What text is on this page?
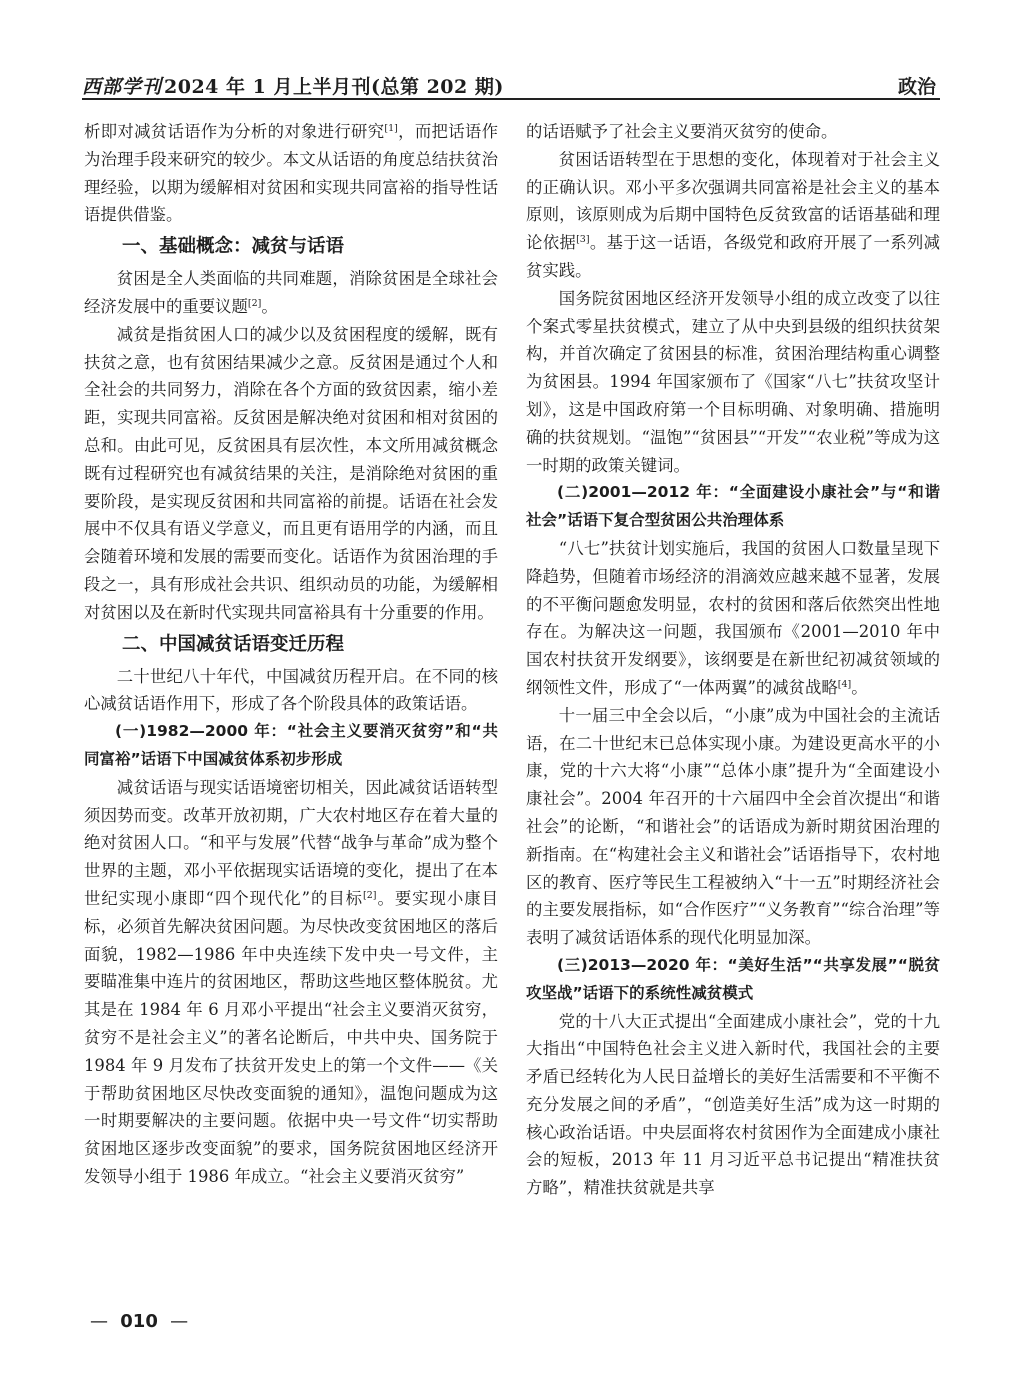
西部学刊 2024 年 1 月上半月刊(总第 202 期)	政治

析即对减贫话语作为分析的对象进行研究[1]，而把话语作为治理手段来研究的较少。本文从话语的角度总结扶贫治理经验，以期为缓解相对贫困和实现共同富裕的指导性话语提供借鉴。

一、基础概念：减贫与话语

贫困是全人类面临的共同难题，消除贫困是全球社会经济发展中的重要议题[2]。

减贫是指贫困人口的减少以及贫困程度的缓解，既有扶贫之意，也有贫困结果减少之意。反贫困是通过个人和全社会的共同努力，消除在各个方面的致贫因素，缩小差距，实现共同富裕。反贫困是解决绝对贫困和相对贫困的总和。由此可见，反贫困具有层次性，本文所用减贫概念既有过程研究也有减贫结果的关注，是消除绝对贫困的重要阶段，是实现反贫困和共同富裕的前提。话语在社会发展中不仅具有语义学意义，而且更有语用学的内涵，而且会随着环境和发展的需要而变化。话语作为贫困治理的手段之一，具有形成社会共识、组织动员的功能，为缓解相对贫困以及在新时代实现共同富裕具有十分重要的作用。

二、中国减贫话语变迁历程

二十世纪八十年代，中国减贫历程开启。在不同的核心减贫话语作用下，形成了各个阶段具体的政策话语。

(一)1982—2000 年：“社会主义要消灭贫穷”和“共同富裕”话语下中国减贫体系初步形成

减贫话语与现实话语境密切相关，因此减贫话语转型须因势而变。改革开放初期，广大农村地区存在着大量的绝对贫困人口。“和平与发展”代替“战争与革命”成为整个世界的主题，邓小平依据现实话语境的变化，提出了在本世纪实现小康即“四个现代化”的目标[2]。要实现小康目标，必须首先解决贫困问题。为尽快改变贫困地区的落后面貌，1982—1986 年中央连续下发中央一号文件，主要瞄准集中连片的贫困地区，帮助这些地区整体脱贫。尤其是在 1984 年 6 月邓小平提出“社会主义要消灭贫穷，贫穷不是社会主义”的著名论断后，中共中央、国务院于 1984 年 9 月发布了扶贫开发史上的第一个文件——《关于帮助贫困地区尽快改变面貌的通知》，温饱问题成为这一时期要解决的主要问题。依据中央一号文件“切实帮助贫困地区逐步改变面貌”的要求，国务院贫困地区经济开发领导小组于 1986 年成立。“社会主义要消灭贫穷”

的话语赋予了社会主义要消灭贫穷的使命。

贫困话语转型在于思想的变化，体现着对于社会主义的正确认识。邓小平多次强调共同富裕是社会主义的基本原则，该原则成为后期中国特色反贫致富的话语基础和理论依据[3]。基于这一话语，各级党和政府开展了一系列减贫实践。

国务院贫困地区经济开发领导小组的成立改变了以往个案式零星扶贫模式，建立了从中央到县级的组织扶贫架构，并首次确定了贫困县的标准，贫困治理结构重心调整为贫困县。1994 年国家颁布了《国家“八七”扶贫攻坚计划》，这是中国政府第一个目标明确、对象明确、措施明确的扶贫规划。“温饱”“贫困县”“开发”“农业税”等成为这一时期的政策关键词。

(二)2001—2012 年：“全面建设小康社会”与“和谐社会”话语下复合型贫困公共治理体系

“八七”扶贫计划实施后，我国的贫困人口数量呈现下降趋势，但随着市场经济的涓滴效应越来越不显著，发展的不平衡问题愈发明显，农村的贫困和落后依然突出性地存在。为解决这一问题，我国颁布《2001—2010 年中国农村扶贫开发纲要》，该纲要是在新世纪初减贫领域的纲领性文件，形成了“一体两翼”的减贫战略[4]。

十一届三中全会以后，“小康”成为中国社会的主流话语，在二十世纪末已总体实现小康。为建设更高水平的小康，党的十六大将“小康”“总体小康”提升为“全面建设小康社会”。2004 年召开的十六届四中全会首次提出“和谐社会”的论断，“和谐社会”的话语成为新时期贫困治理的新指南。在“构建社会主义和谐社会”话语指导下，农村地区的教育、医疗等民生工程被纳入“十一五”时期经济社会的主要发展指标，如“合作医疗”“义务教育”“综合治理”等表明了减贫话语体系的现代化明显加深。

(三)2013—2020 年：“美好生活”“共享发展”“脱贫攻坚战”话语下的系统性减贫模式

党的十八大正式提出“全面建成小康社会”，党的十九大指出“中国特色社会主义进入新时代，我国社会的主要矛盾已经转化为人民日益增长的美好生活需要和不平衡不充分发展之间的矛盾”，“创造美好生活”成为这一时期的核心政治话语。中央层面将农村贫困作为全面建成小康社会的短板，2013 年 11 月习近平总书记提出“精准扶贫方略”，精准扶贫就是共享

— 010 —
